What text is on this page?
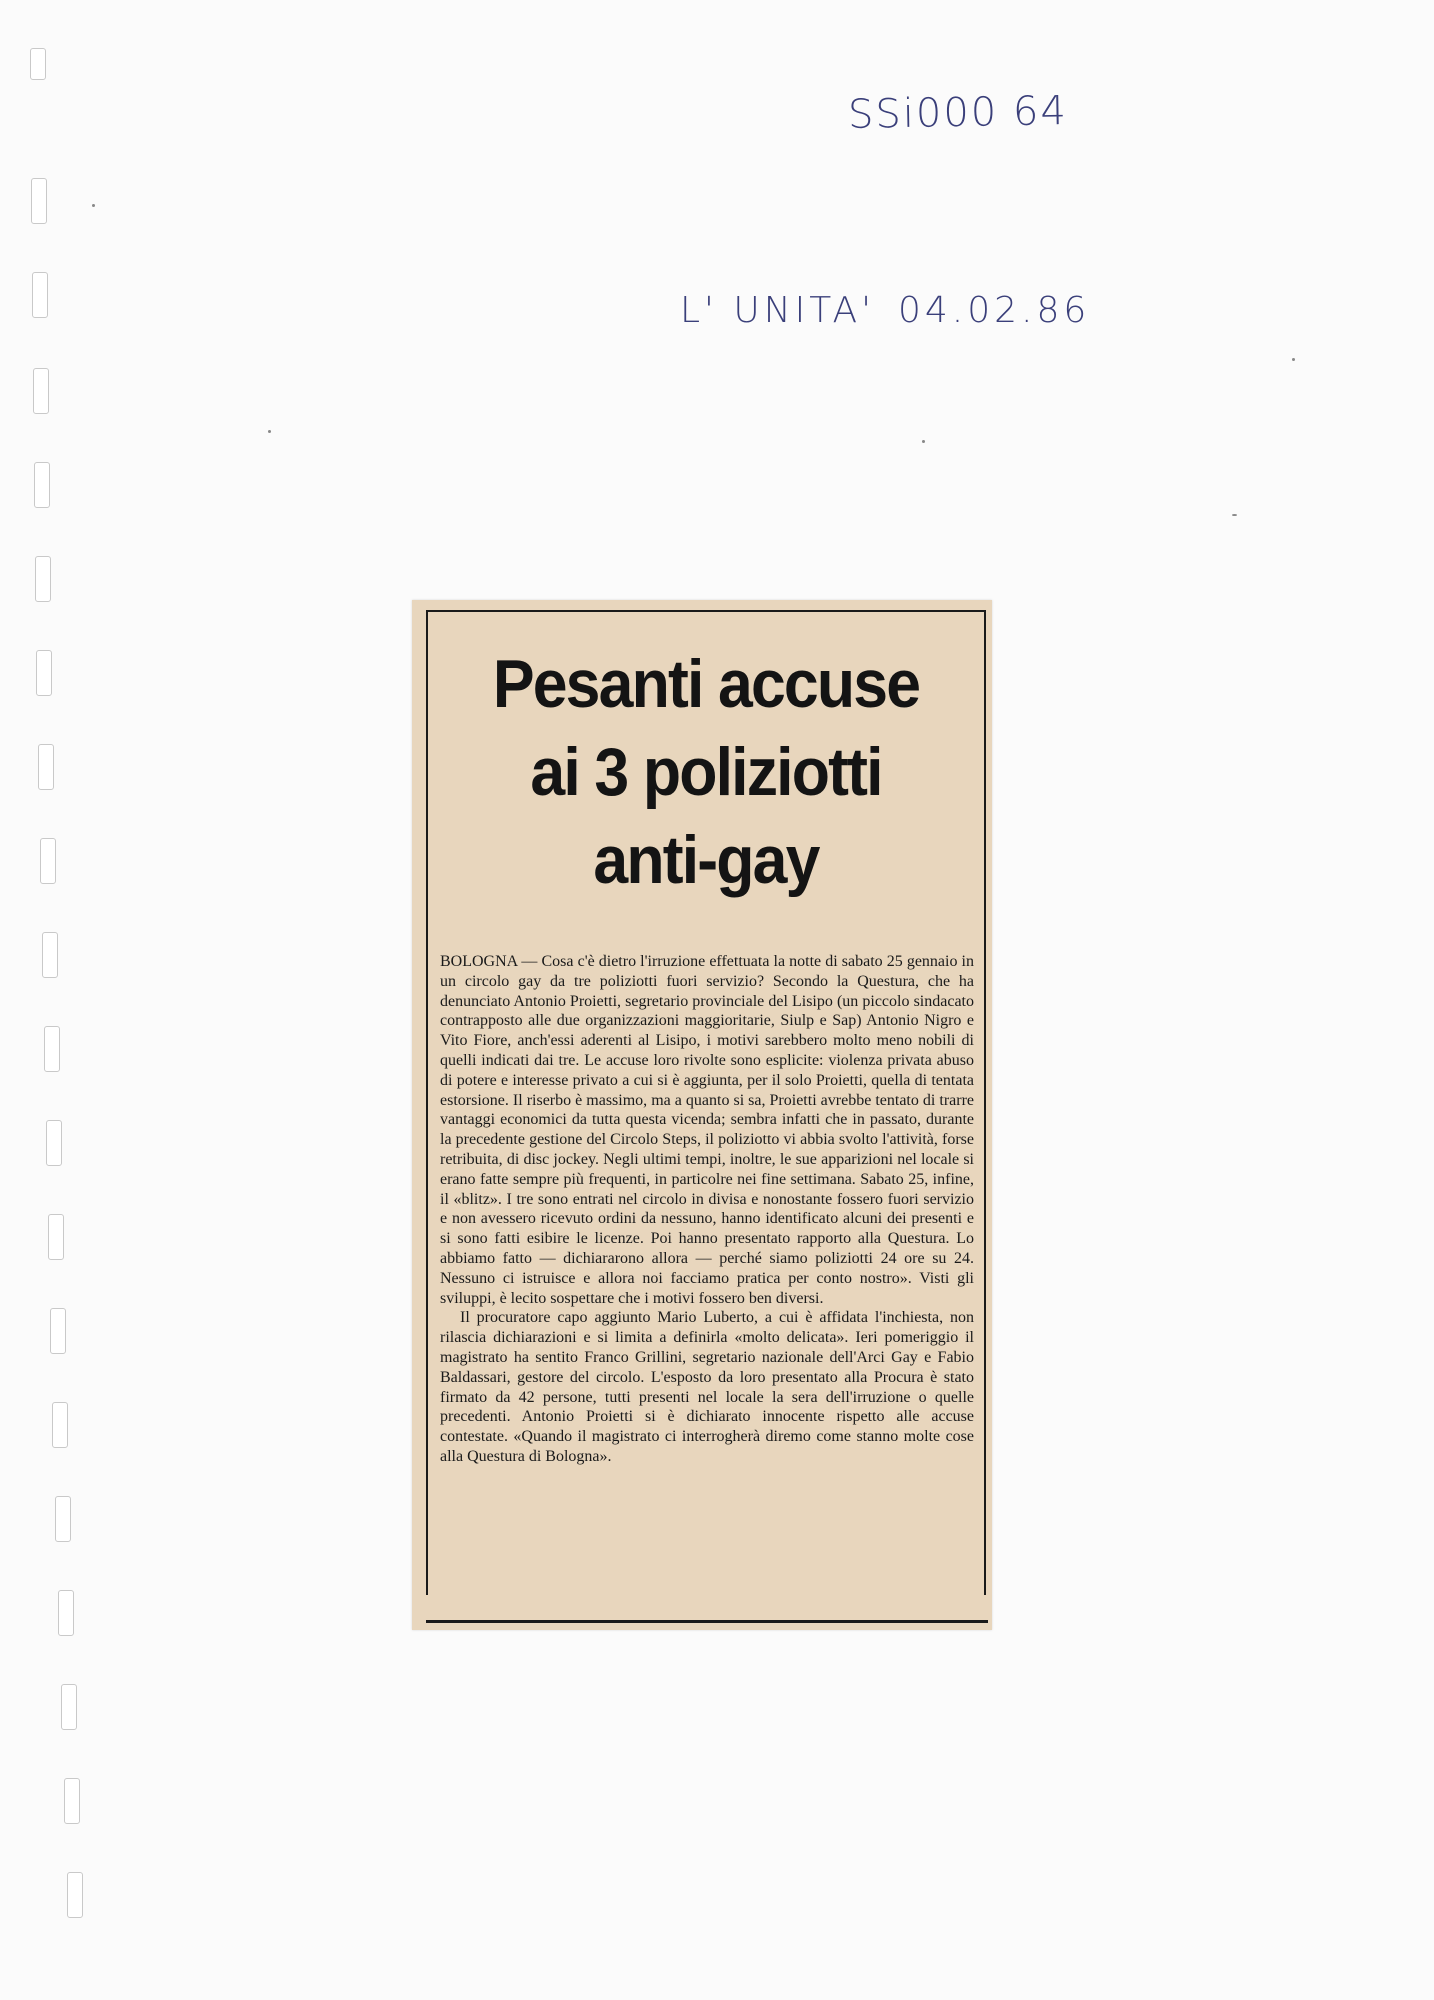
SSi000 64
L' UNITA' 04.02.86
Pesanti accuse
ai 3 poliziotti
anti-gay

BOLOGNA — Cosa c'è dietro l'irruzione effettuata la notte di sabato 25 gennaio in un circolo gay da tre poliziotti fuori servizio? Secondo la Questura, che ha denunciato Antonio Proietti, segretario provinciale del Lisipo (un piccolo sindacato contrapposto alle due organizzazioni maggioritarie, Siulp e Sap) Antonio Nigro e Vito Fiore, anch'essi aderenti al Lisipo, i motivi sarebbero molto meno nobili di quelli indicati dai tre. Le accuse loro rivolte sono esplicite: violenza privata abuso di potere e interesse privato a cui si è aggiunta, per il solo Proietti, quella di tentata estorsione. Il riserbo è massimo, ma a quanto si sa, Proietti avrebbe tentato di trarre vantaggi economici da tutta questa vicenda; sembra infatti che in passato, durante la precedente gestione del Circolo Steps, il poliziotto vi abbia svolto l'attività, forse retribuita, di disc jockey. Negli ultimi tempi, inoltre, le sue apparizioni nel locale si erano fatte sempre più frequenti, in particolre nei fine settimana. Sabato 25, infine, il «blitz». I tre sono entrati nel circolo in divisa e nonostante fossero fuori servizio e non avessero ricevuto ordini da nessuno, hanno identificato alcuni dei presenti e si sono fatti esibire le licenze. Poi hanno presentato rapporto alla Questura. Lo abbiamo fatto — dichiararono allora — perché siamo poliziotti 24 ore su 24. Nessuno ci istruisce e allora noi facciamo pratica per conto nostro». Visti gli sviluppi, è lecito sospettare che i motivi fossero ben diversi.

Il procuratore capo aggiunto Mario Luberto, a cui è affidata l'inchiesta, non rilascia dichiarazioni e si limita a definirla «molto delicata». Ieri pomeriggio il magistrato ha sentito Franco Grillini, segretario nazionale dell'Arci Gay e Fabio Baldassari, gestore del circolo. L'esposto da loro presentato alla Procura è stato firmato da 42 persone, tutti presenti nel locale la sera dell'irruzione o quelle precedenti. Antonio Proietti si è dichiarato innocente rispetto alle accuse contestate. «Quando il magistrato ci interrogherà diremo come stanno molte cose alla Questura di Bologna».
